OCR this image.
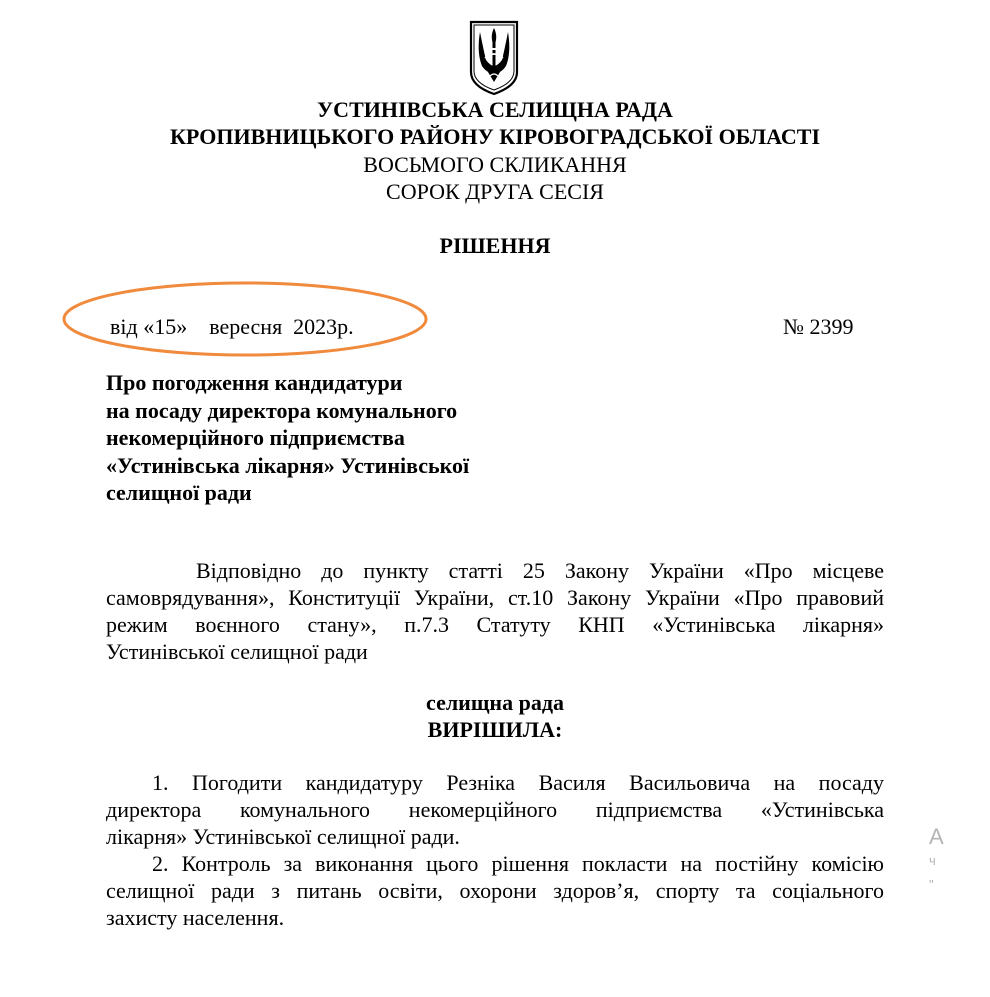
УСТИНІВСЬКА СЕЛИЩНА РАДА
КРОПИВНИЦЬКОГО РАЙОНУ КІРОВОГРАДСЬКОЇ ОБЛАСТІ
ВОСЬМОГО СКЛИКАННЯ
СОРОК ДРУГА СЕСІЯ
РІШЕННЯ
від «15»    вересня  2023р.	№ 2399
Про погодження кандидатури
на посаду директора комунального
некомерційного підприємства
«Устинівська лікарня» Устинівської
селищної ради
Відповідно до пункту статті 25 Закону України «Про місцеве
самоврядування», Конституції України, ст.10 Закону України «Про правовий
режим воєнного стану», п.7.3 Статуту КНП «Устинівська лікарня»
Устинівської селищної ради
селищна рада
ВИРІШИЛА:
1. Погодити кандидатуру Резніка Василя Васильовича на посаду
директора комунального некомерційного підприємства «Устинівська
лікарня» Устинівської селищної ради.
2. Контроль за виконання цього рішення покласти на постійну комісію
селищної ради з питань освіти, охорони здоров’я, спорту та соціального
захисту населення.
А
ч
"
